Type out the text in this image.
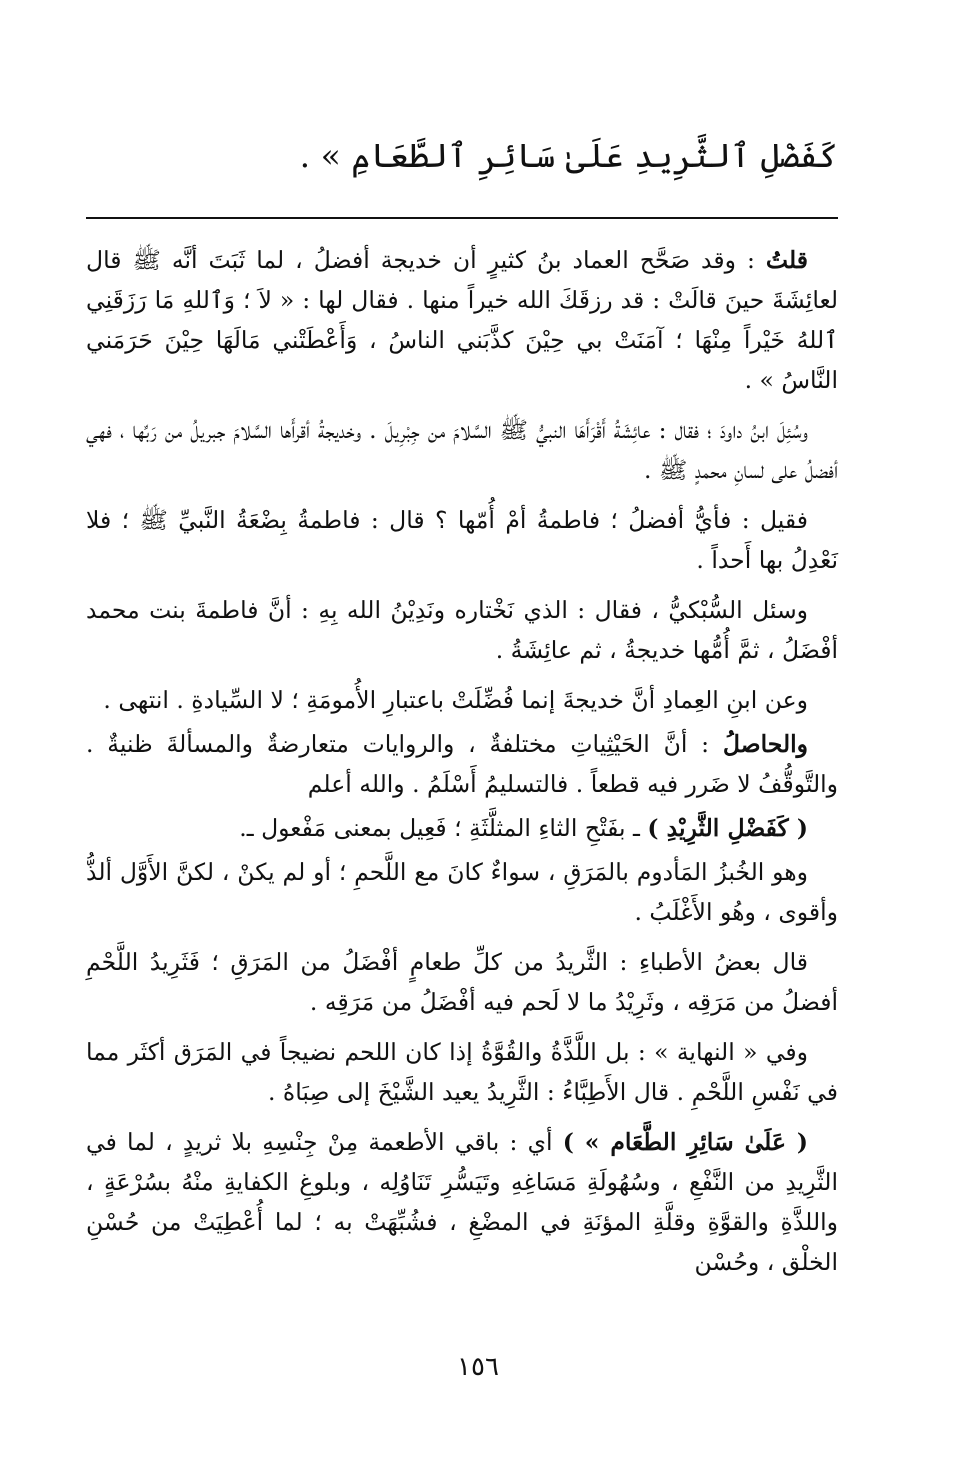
كَفَضْلِ ٱلثَّرِيدِ عَلَىٰ سَائِرِ ٱلطَّعَامِ » .

قلتُ : وقد صَحَّح العماد بنُ كثيرٍ أن خديجة أفضلُ ، لما ثَبَتَ أنَّه ﷺ قال لعائِشَةَ حينَ قالَتْ : قد رزقَكَ الله خيراً منها . فقال لها : « لاَ ؛ وَٱللهِ مَا رَزَقَنِي ٱللهُ خَيْراً مِنْهَا ؛ آمَنَتْ بي حِيْنَ كذَّبَني الناسُ ، وَأَعْطَتْني مَالَهَا حِيْنَ حَرَمَني النَّاسُ » .

وسُئِلَ ابنُ داودَ ؛ فقال : عائِشَةُ أَقْرَأَهَا النبيُّ ﷺ السَّلامَ من جِبْرِيلَ . وخديجةُ أقرأَها السَّلامَ جبريلُ من رَبِّها ، فهي أفضلُ على لسانِ محمدٍ ﷺ .

فقيل : فأيُّ أفضلُ ؛ فاطمةُ أمْ أُمّها ؟ قال : فاطمةُ بِضْعَةُ النَّبيِّ ﷺ ؛ فلا نَعْدِلُ بها أَحداً .

وسئل السُّبْكيُّ ، فقال : الذي نَخْتاره ونَدِيْنُ الله بِهِ : أنَّ فاطمةَ بنت محمد أفْضَلُ ، ثمَّ أُمُّها خديجةُ ، ثم عائِشَةُ .

وعن ابنِ العِمادِ أنَّ خديجةَ إنما فُضِّلَتْ باعتبارِ الأُمومَةِ ؛ لا السِّيادةِ . انتهى .

والحاصلُ : أنَّ الحَيْثِياتِ مختلفةٌ ، والروايات متعارضةٌ والمسألةَ ظنيةٌ . والتَّوقُّفُ لا ضَرر فيه قطعاً . فالتسليمُ أَسْلَمُ . والله أعلم

( كَفَضْلِ الثَّرِيْدِ ) ـ بفَتْحِ الثاءِ المثلَّثَةِ ؛ فَعِيل بمعنى مَفْعول ـ.

وهو الخُبزُ المَأدوم بالمَرَقِ ، سواءٌ كانَ مع اللَّحمِ ؛ أو لم يكنْ ، لكنَّ الأَوَّل ألذُّ وأقوى ، وهُو الأَغْلَبُ .

قال بعضُ الأطباءِ : الثَّريدُ من كلِّ طعامٍ أفْضَلُ من المَرَقِ ؛ فَثَرِيدُ اللَّحْمِ أفضلُ من مَرَقِه ، وثَرِيْدُ ما لا لَحم فيه أفْضَلُ من مَرَقِه .

وفي « النهاية » : بل اللَّذَّةُ والقُوَّةُ إذا كان اللحم نضيجاً في المَرَق أكثَر مما في نَفْسِ اللَّحْمِ . قال الأَطِبَّاءُ : الثَّرِيدُ يعيد الشَّيْخَ إلى صِبَاهُ .

( عَلَىٰ سَائِرِ الطَّعَام » ) أي : باقي الأطعمة مِنْ جِنْسِهِ بلا ثريدٍ ، لما في الثَّرِيدِ من النَّفْعِ ، وسُهُولَةِ مَسَاغِهِ وتَيَسُّرِ تَنَاوُلِه ، وبلوغِ الكفايةِ منْهُ بسُرْعَةٍ ، واللذَّةِ والقوَّةِ وقلَّةِ المؤنَةِ في المضْغِ ، فشُبِّهَتْ به ؛ لما أُعْطِيَتْ من حُسْنِ الخلْق ، وحُسْن

١٥٦
